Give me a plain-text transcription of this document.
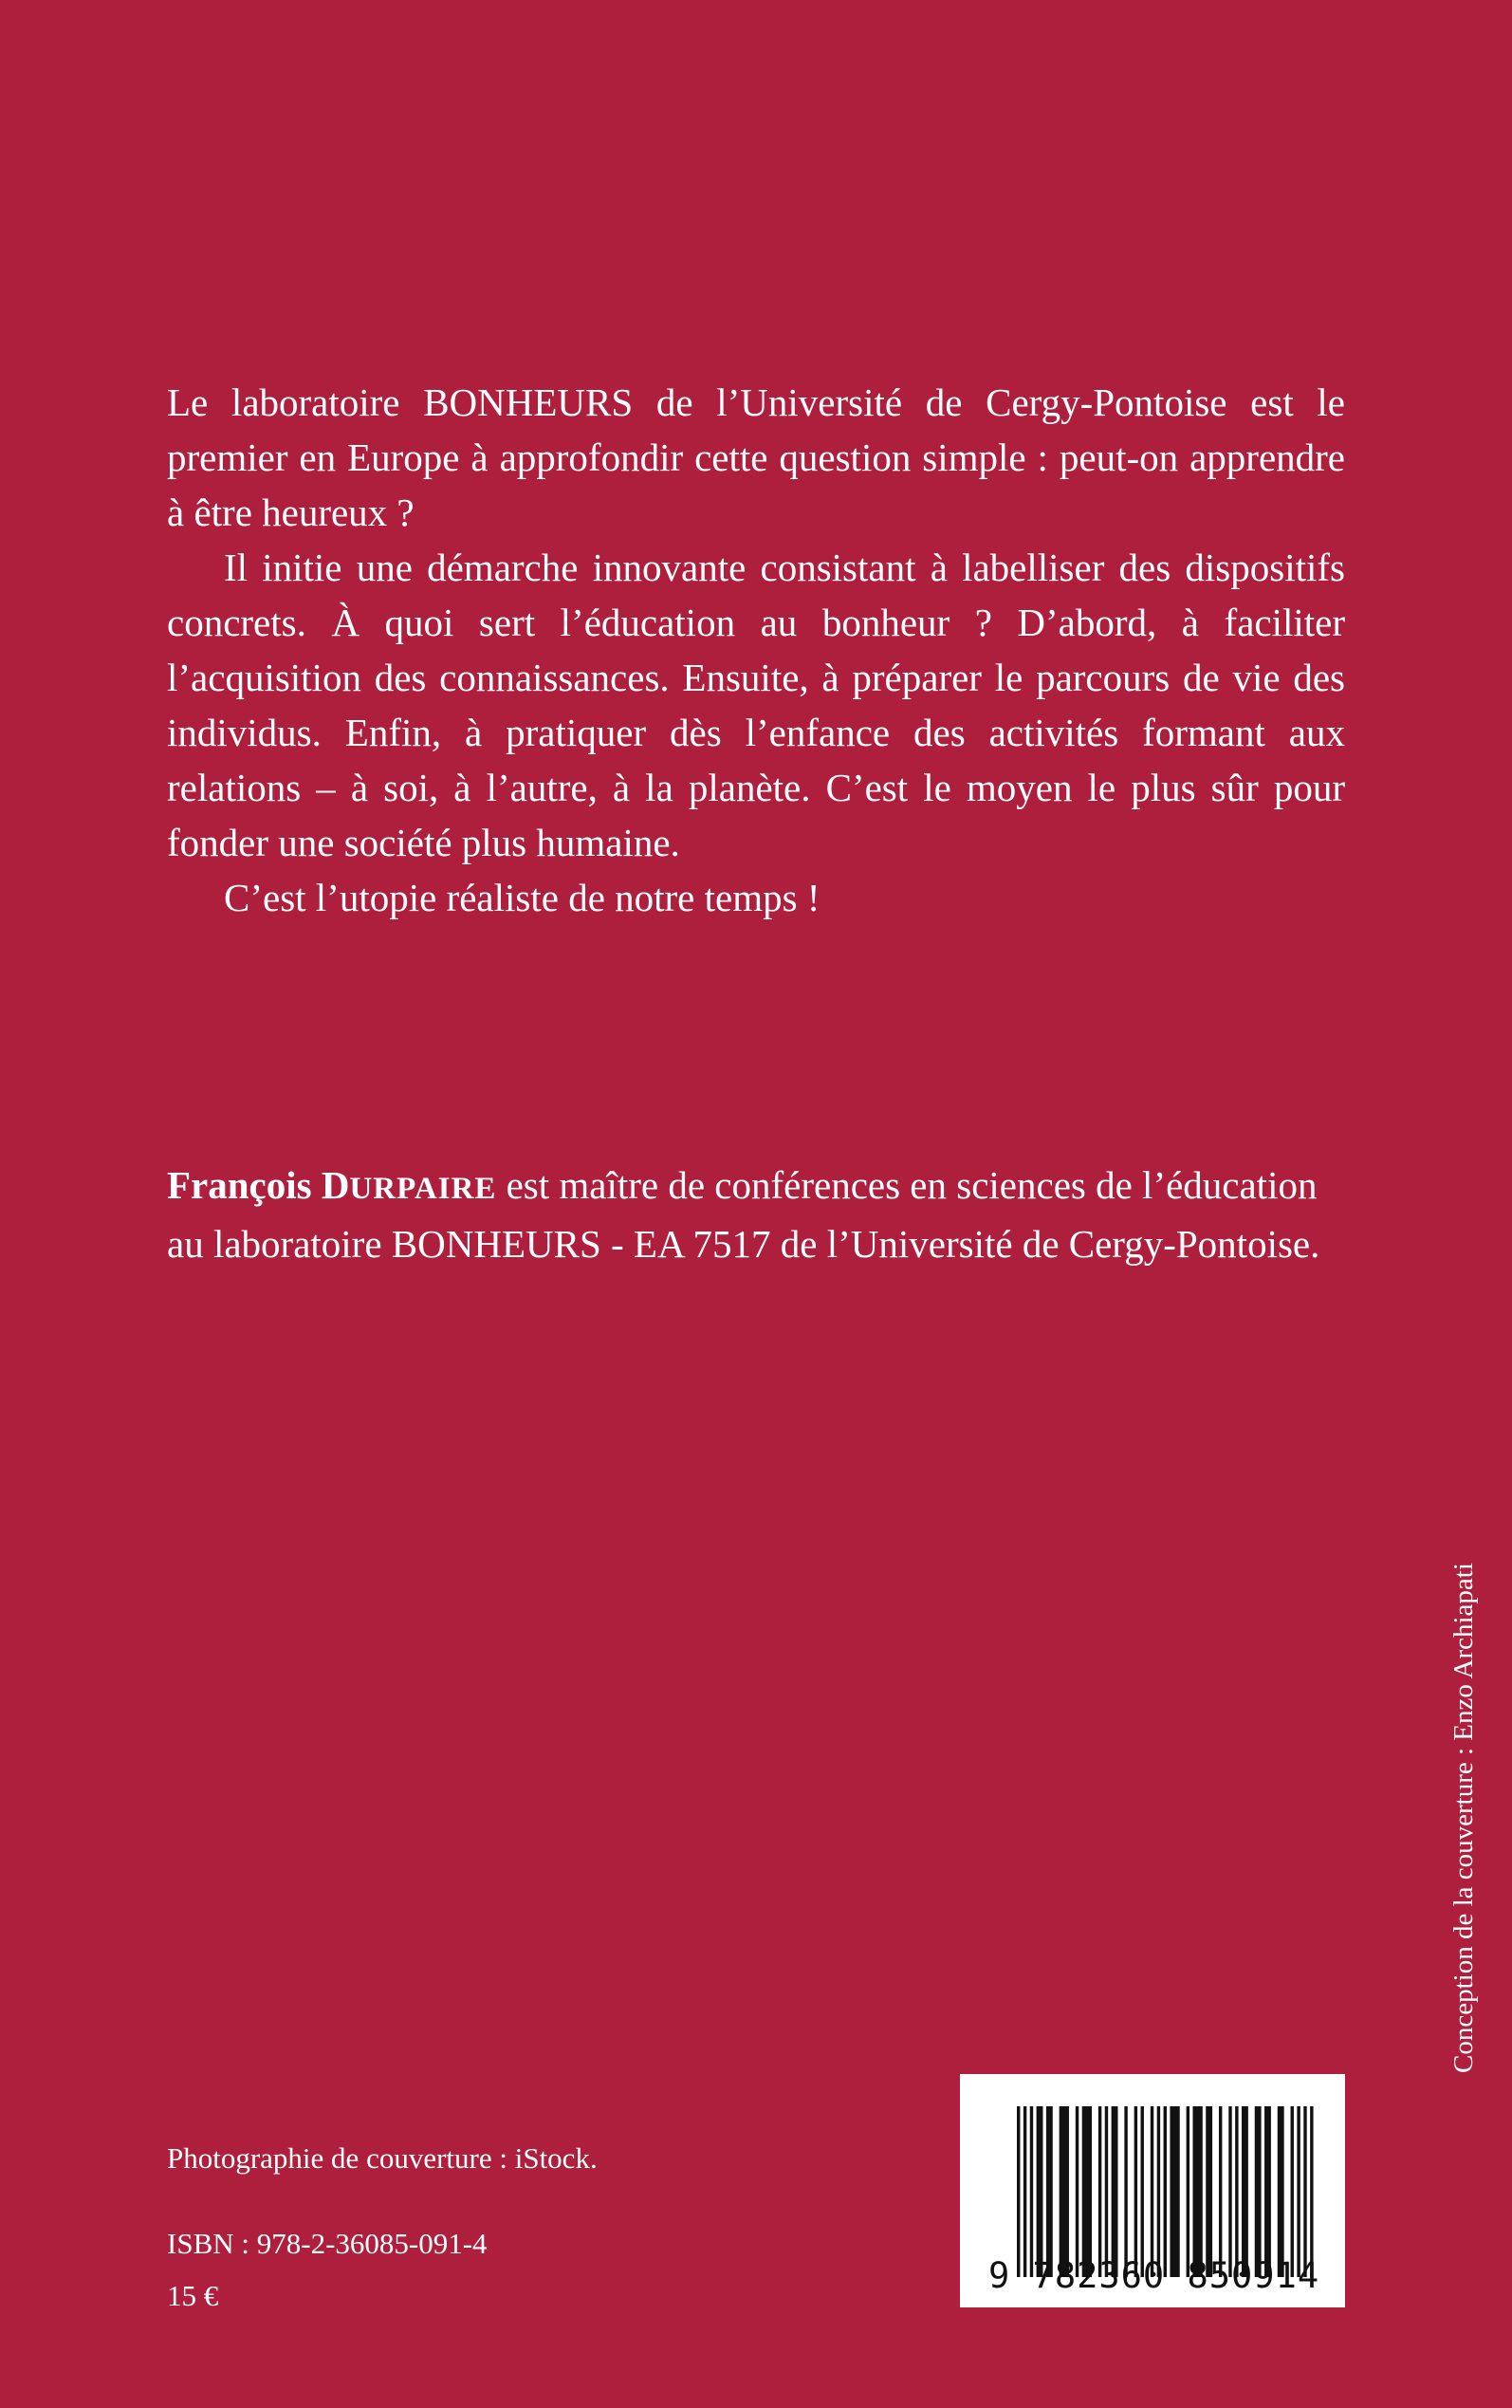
Le laboratoire BONHEURS de l’Université de Cergy-Pontoise est le premier en Europe à approfondir cette question simple : peut-on apprendre à être heureux ?

Il initie une démarche innovante consistant à labelliser des dispositifs concrets. À quoi sert l’éducation au bonheur ? D’abord, à faciliter l’acquisition des connaissances. Ensuite, à préparer le parcours de vie des individus. Enfin, à pratiquer dès l’enfance des activités formant aux relations – à soi, à l’autre, à la planète. C’est le moyen le plus sûr pour fonder une société plus humaine.

C’est l’utopie réaliste de notre temps !

François DURPAIRE est maître de conférences en sciences de l’éducation au laboratoire BONHEURS - EA 7517 de l’Université de Cergy-Pontoise.

Conception de la couverture : Enzo Archiapati
Photographie de couverture : iStock.
ISBN : 978-2-36085-091-4
15 €	9 782360 850914
